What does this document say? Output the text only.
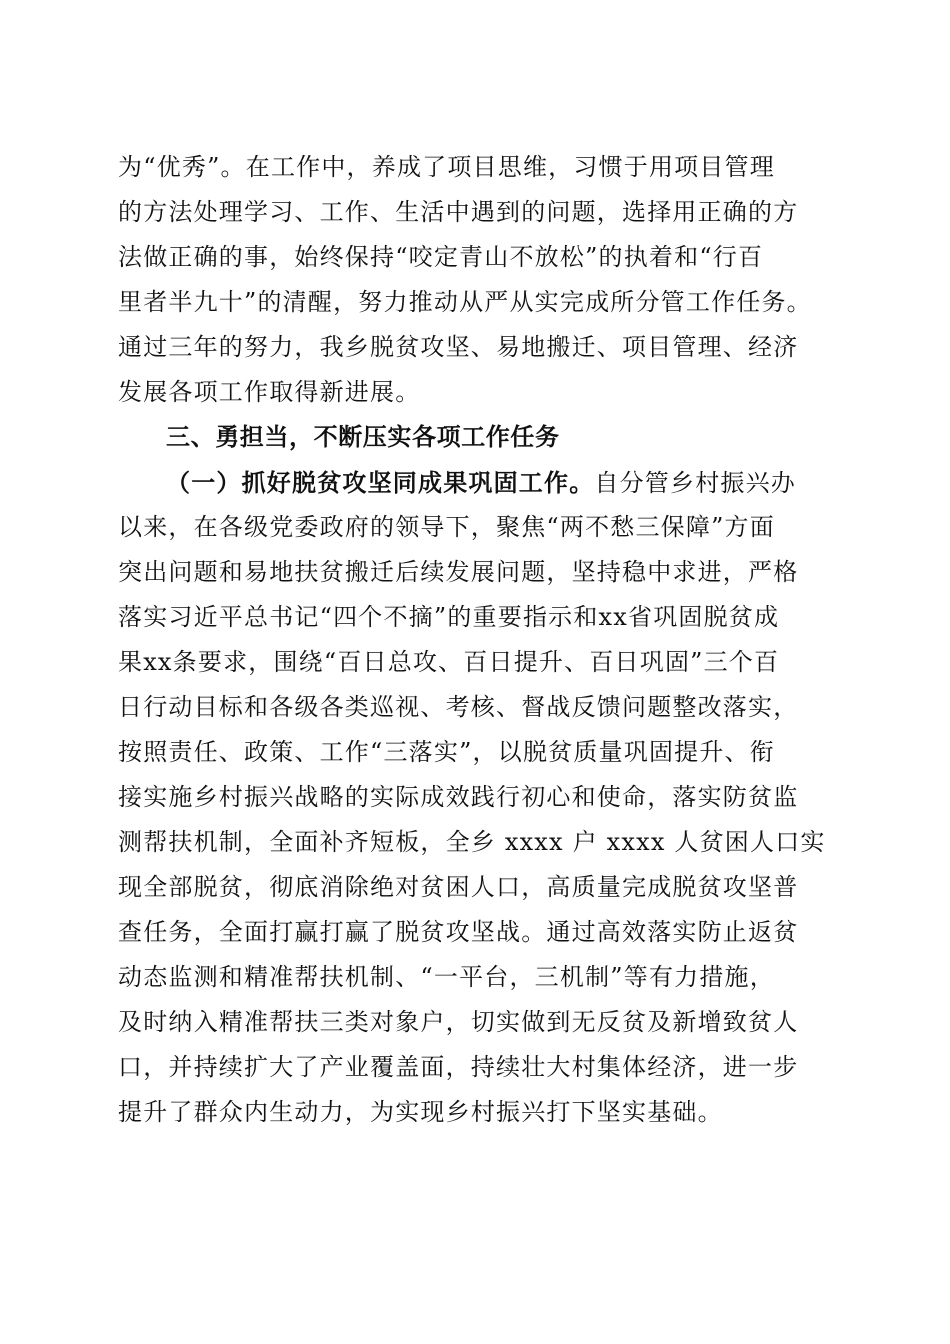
为“优秀”。在工作中，养成了项目思维，习惯于用项目管理
的方法处理学习、工作、生活中遇到的问题，选择用正确的方
法做正确的事，始终保持“咬定青山不放松”的执着和“行百
里者半九十”的清醒，努力推动从严从实完成所分管工作任务。
通过三年的努力，我乡脱贫攻坚、易地搬迁、项目管理、经济
发展各项工作取得新进展。
三、勇担当，不断压实各项工作任务
（一）抓好脱贫攻坚同成果巩固工作。自分管乡村振兴办
以来，在各级党委政府的领导下，聚焦“两不愁三保障”方面
突出问题和易地扶贫搬迁后续发展问题，坚持稳中求进，严格
落实习近平总书记“四个不摘”的重要指示和xx省巩固脱贫成
果xx条要求，围绕“百日总攻、百日提升、百日巩固”三个百
日行动目标和各级各类巡视、考核、督战反馈问题整改落实，
按照责任、政策、工作“三落实”，以脱贫质量巩固提升、衔
接实施乡村振兴战略的实际成效践行初心和使命，落实防贫监
测帮扶机制，全面补齐短板，全乡 xxxx 户 xxxx 人贫困人口实
现全部脱贫，彻底消除绝对贫困人口，高质量完成脱贫攻坚普
查任务，全面打赢打赢了脱贫攻坚战。通过高效落实防止返贫
动态监测和精准帮扶机制、“一平台，三机制”等有力措施，
及时纳入精准帮扶三类对象户，切实做到无反贫及新增致贫人
口，并持续扩大了产业覆盖面，持续壮大村集体经济，进一步
提升了群众内生动力，为实现乡村振兴打下坚实基础。
